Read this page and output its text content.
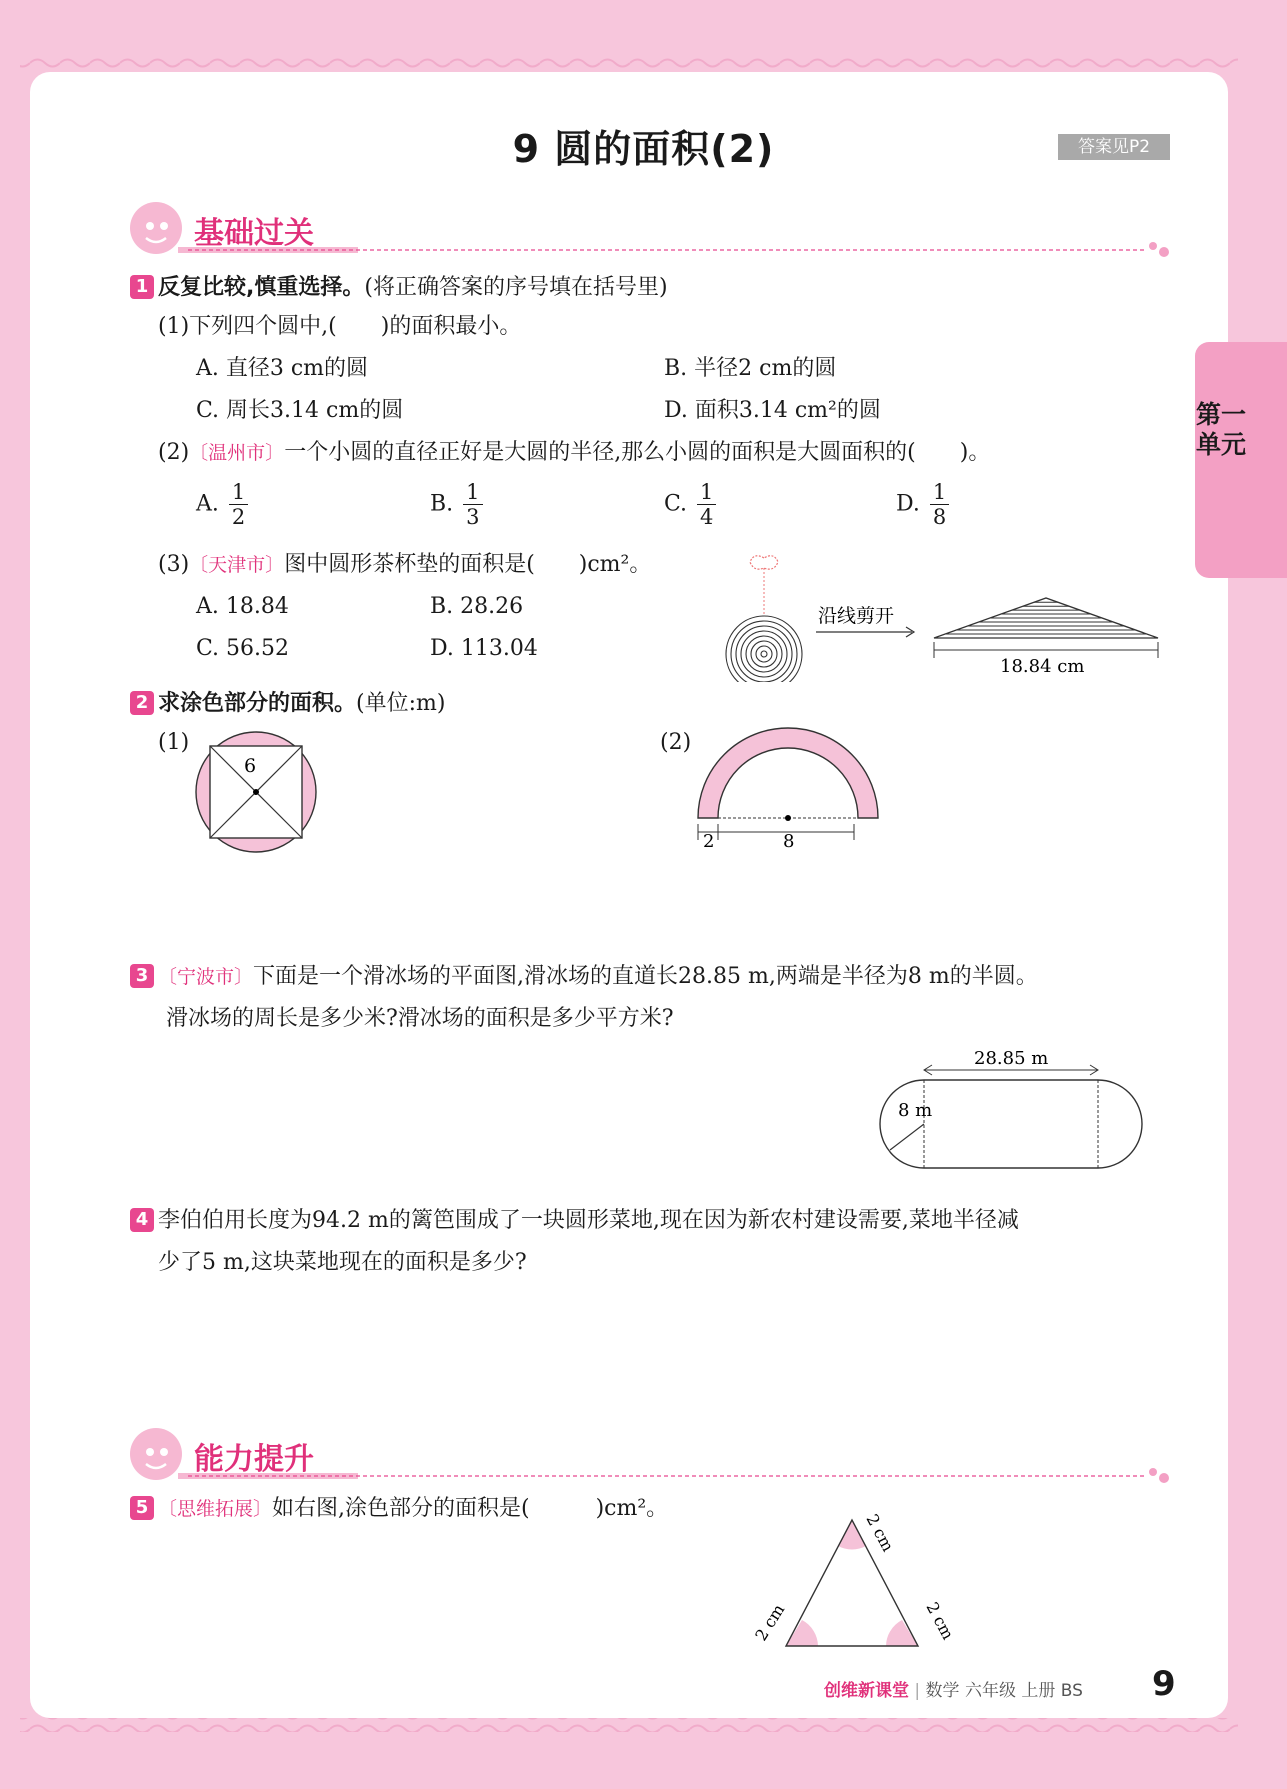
9 圆的面积(2)	答案见P2
第一单元
基础过关
1 反复比较,慎重选择。(将正确答案的序号填在括号里)
(1)下列四个圆中,(　　)的面积最小。
A. 直径3 cm的圆	B. 半径2 cm的圆
C. 周长3.14 cm的圆	D. 面积3.14 cm²的圆
(2)〔温州市〕一个小圆的直径正好是大圆的半径,那么小圆的面积是大圆面积的(　　)。
A. $\frac{1}{2}$	B. $\frac{1}{3}$	C. $\frac{1}{4}$	D. $\frac{1}{8}$
(3)〔天津市〕图中圆形茶杯垫的面积是(　　)cm²。
A. 18.84	B. 28.26
C. 56.52	D. 113.04
沿线剪开
18.84 cm
2 求涂色部分的面积。(单位:m)
(1)
6
(2)
2	8
3 〔宁波市〕下面是一个滑冰场的平面图,滑冰场的直道长28.85 m,两端是半径为8 m的半圆。
滑冰场的周长是多少米?滑冰场的面积是多少平方米?
28.85 m
8 m
4 李伯伯用长度为94.2 m的篱笆围成了一块圆形菜地,现在因为新农村建设需要,菜地半径减
少了5 m,这块菜地现在的面积是多少?
能力提升
5 〔思维拓展〕如右图,涂色部分的面积是(　　　)cm²。
2 cm
2 cm	2 cm
创维新课堂 | 数学 六年级 上册 BS 9
